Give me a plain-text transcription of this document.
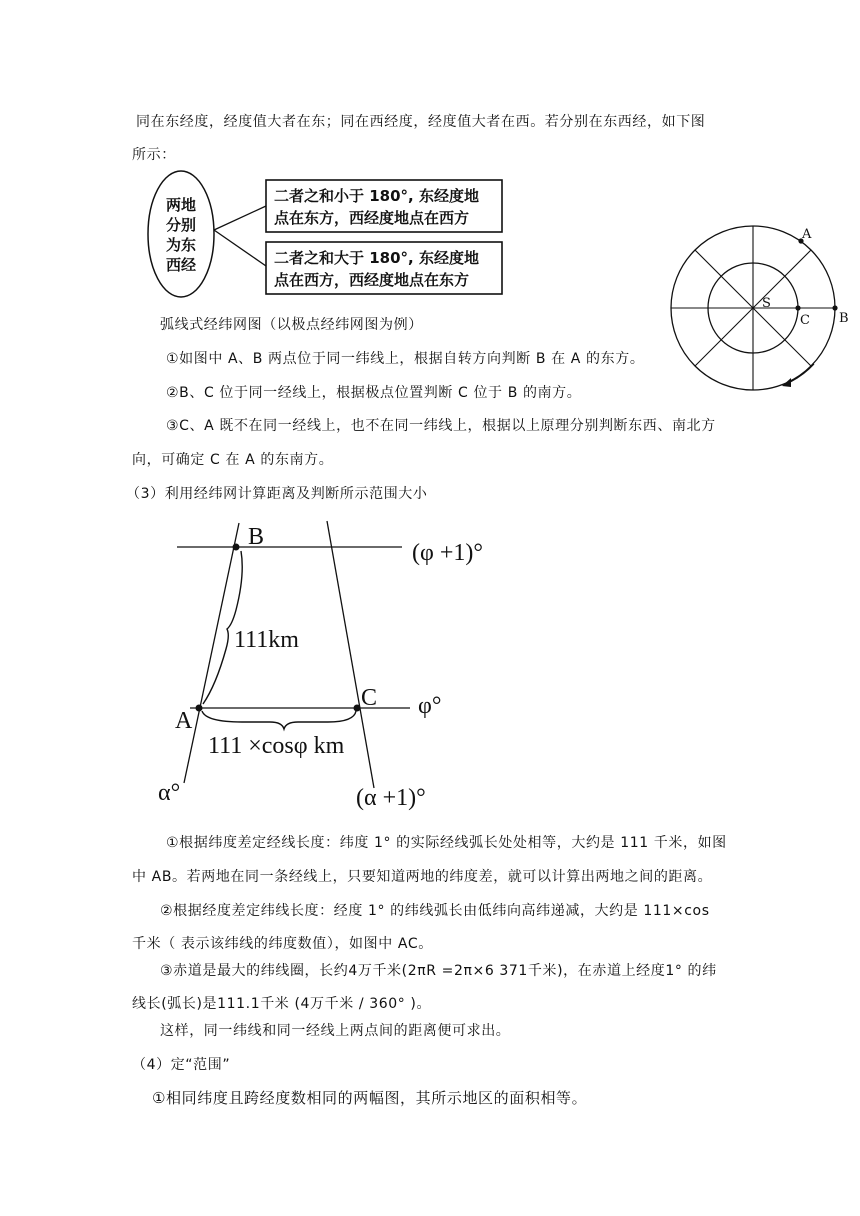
同在东经度，经度值大者在东；同在西经度，经度值大者在西。若分别在东西经，如下图
所示：
两地
分别
为东
西经
二者之和小于 180°, 东经度地
点在东方，西经度地点在西方
二者之和大于 180°, 东经度地
点在西方，西经度地点在东方
A
B
C
S
弧线式经纬网图（以极点经纬网图为例）
①如图中 A、B 两点位于同一纬线上，根据自转方向判断 B 在 A 的东方。
②B、C 位于同一经线上，根据极点位置判断 C 位于 B 的南方。
③C、A 既不在同一经线上，也不在同一纬线上，根据以上原理分别判断东西、南北方
向，可确定 C 在 A 的东南方。
（3）利用经纬网计算距离及判断所示范围大小
B
A
C
(φ +1)°
φ°
α°	(α +1)°
111km
111 ×cosφ km
①根据纬度差定经线长度：纬度 1° 的实际经线弧长处处相等，大约是 111 千米，如图
中 AB。若两地在同一条经线上，只要知道两地的纬度差，就可以计算出两地之间的距离。
②根据经度差定纬线长度：经度 1° 的纬线弧长由低纬向高纬递减，大约是 111×cos
千米（ 表示该纬线的纬度数值），如图中 AC。
③赤道是最大的纬线圈，长约4万千米(2πR =2π×6 371千米)，在赤道上经度1° 的纬
线长(弧长)是111.1千米 (4万千米 / 360° )。
这样，同一纬线和同一经线上两点间的距离便可求出。
（4）定“范围”
①相同纬度且跨经度数相同的两幅图，其所示地区的面积相等。
